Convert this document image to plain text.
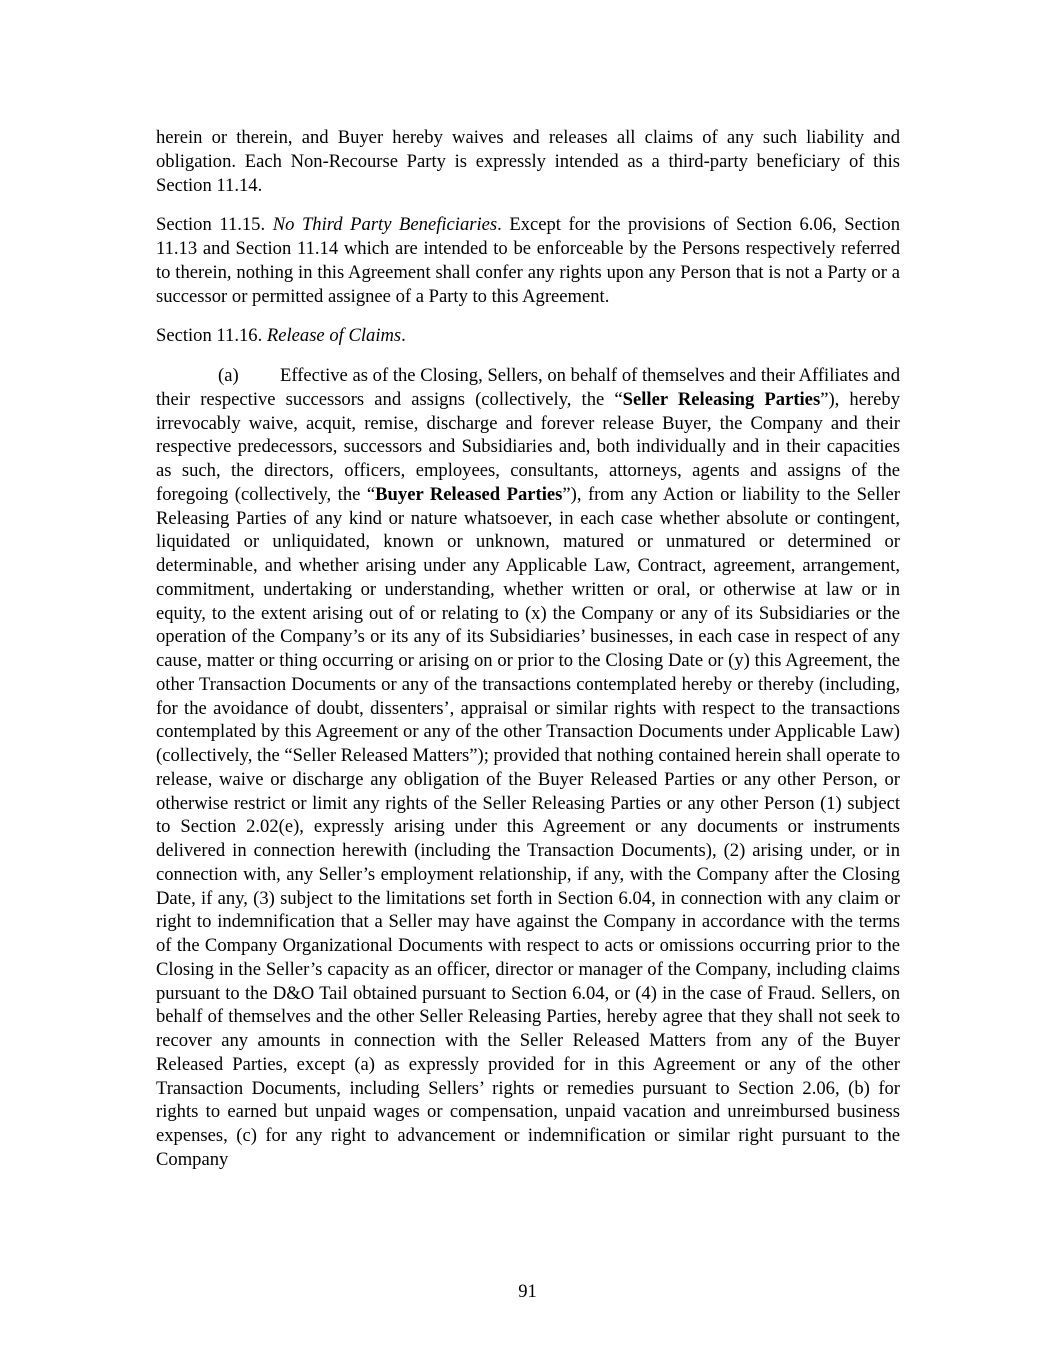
herein or therein, and Buyer hereby waives and releases all claims of any such liability and obligation. Each Non-Recourse Party is expressly intended as a third-party beneficiary of this Section 11.14.

Section 11.15. No Third Party Beneficiaries. Except for the provisions of Section 6.06, Section 11.13 and Section 11.14 which are intended to be enforceable by the Persons respectively referred to therein, nothing in this Agreement shall confer any rights upon any Person that is not a Party or a successor or permitted assignee of a Party to this Agreement.

Section 11.16. Release of Claims.

(a) Effective as of the Closing, Sellers, on behalf of themselves and their Affiliates and their respective successors and assigns (collectively, the “Seller Releasing Parties”), hereby irrevocably waive, acquit, remise, discharge and forever release Buyer, the Company and their respective predecessors, successors and Subsidiaries and, both individually and in their capacities as such, the directors, officers, employees, consultants, attorneys, agents and assigns of the foregoing (collectively, the “Buyer Released Parties”), from any Action or liability to the Seller Releasing Parties of any kind or nature whatsoever, in each case whether absolute or contingent, liquidated or unliquidated, known or unknown, matured or unmatured or determined or determinable, and whether arising under any Applicable Law, Contract, agreement, arrangement, commitment, undertaking or understanding, whether written or oral, or otherwise at law or in equity, to the extent arising out of or relating to (x) the Company or any of its Subsidiaries or the operation of the Company’s or its any of its Subsidiaries’ businesses, in each case in respect of any cause, matter or thing occurring or arising on or prior to the Closing Date or (y) this Agreement, the other Transaction Documents or any of the transactions contemplated hereby or thereby (including, for the avoidance of doubt, dissenters’, appraisal or similar rights with respect to the transactions contemplated by this Agreement or any of the other Transaction Documents under Applicable Law) (collectively, the “Seller Released Matters”); provided that nothing contained herein shall operate to release, waive or discharge any obligation of the Buyer Released Parties or any other Person, or otherwise restrict or limit any rights of the Seller Releasing Parties or any other Person (1) subject to Section 2.02(e), expressly arising under this Agreement or any documents or instruments delivered in connection herewith (including the Transaction Documents), (2) arising under, or in connection with, any Seller’s employment relationship, if any, with the Company after the Closing Date, if any, (3) subject to the limitations set forth in Section 6.04, in connection with any claim or right to indemnification that a Seller may have against the Company in accordance with the terms of the Company Organizational Documents with respect to acts or omissions occurring prior to the Closing in the Seller’s capacity as an officer, director or manager of the Company, including claims pursuant to the D&O Tail obtained pursuant to Section 6.04, or (4) in the case of Fraud. Sellers, on behalf of themselves and the other Seller Releasing Parties, hereby agree that they shall not seek to recover any amounts in connection with the Seller Released Matters from any of the Buyer Released Parties, except (a) as expressly provided for in this Agreement or any of the other Transaction Documents, including Sellers’ rights or remedies pursuant to Section 2.06, (b) for rights to earned but unpaid wages or compensation, unpaid vacation and unreimbursed business expenses, (c) for any right to advancement or indemnification or similar right pursuant to the Company

91
